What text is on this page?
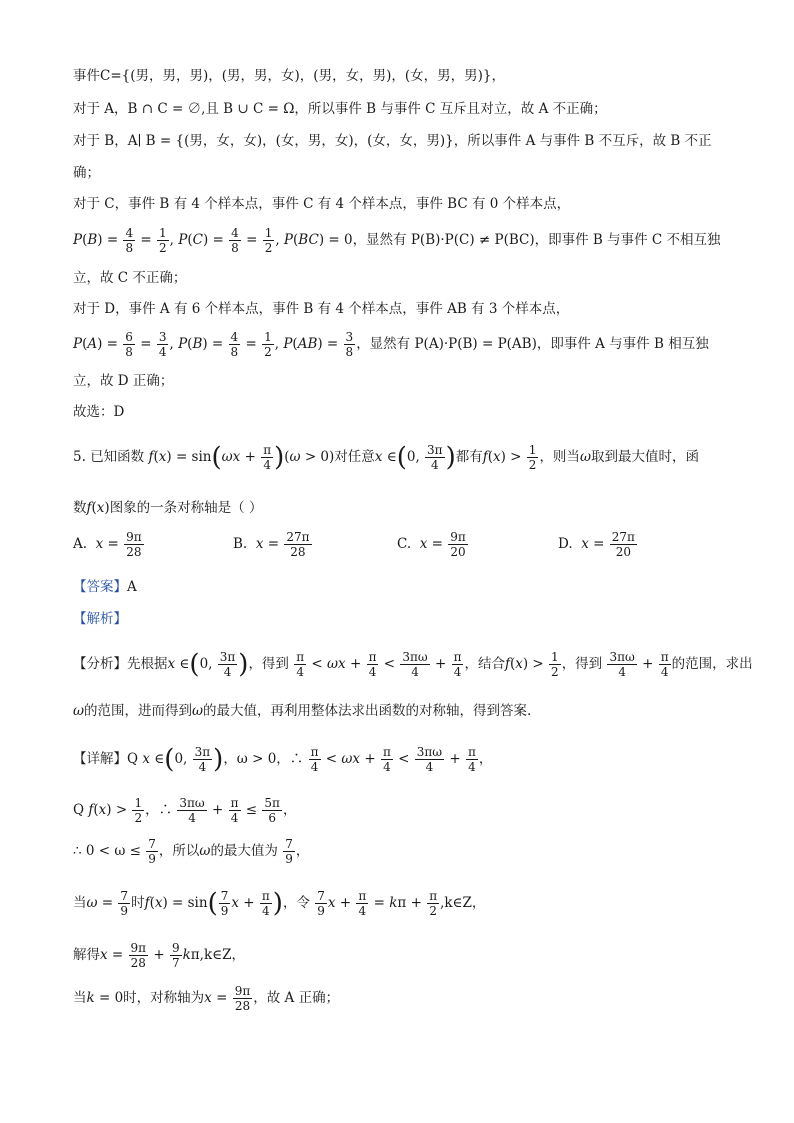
事件C={(男，男，男)，(男，男，女)，(男，女，男)，(女，男，男)}，
对于 A，B ∩ C = ∅,且 B ∪ C = Ω，所以事件 B 与事件 C 互斥且对立，故 A 不正确；
对于 B，A∣ B = {(男，女，女)，(女，男，女)，(女，女，男)}，所以事件 A 与事件 B 不互斥，故 B 不正
确；
对于 C，事件 B 有 4 个样本点，事件 C 有 4 个样本点，事件 BC 有 0 个样本点，
$P(B) = \frac{4}{8} = \frac{1}{2}$ , $P(C) = \frac{4}{8} = \frac{1}{2}$ , P(BC) = 0，显然有 P(B)·P(C) ≠ P(BC)，即事件 B 与事件 C 不相互独
立，故 C 不正确；
对于 D，事件 A 有 6 个样本点，事件 B 有 4 个样本点，事件 AB 有 3 个样本点，
$P(A) = \frac{6}{8} = \frac{3}{4}$ , $P(B) = \frac{4}{8} = \frac{1}{2}$ , $P(AB) = \frac{3}{8}$ ，显然有 P(A)·P(B) = P(AB)，即事件 A 与事件 B 相互独
立，故 D 正确；
故选：D
5. 已知函数 $f(x) = \sin(\omega x + \frac{\pi}{4} )(\omega > 0)$对任意x ∈(0, $\frac{3\pi}{4}$ )都有$f(x) > \frac{1}{2}$ ，则当ω取到最大值时，函
数f(x)图象的一条对称轴是（ ）
A. $x = \frac{9\pi}{28}$	B. $x = \frac{27\pi}{28}$	C. $x = \frac{9\pi}{20}$	D. $x = \frac{27\pi}{20}$
【答案】A
【解析】
【分析】先根据x ∈(0, $\frac{3\pi}{4}$ )，得到 $\frac{\pi}{4} < \omega x + \frac{\pi}{4} < \frac{3\pi\omega}{4} + \frac{\pi}{4}$ ，结合$f(x) > \frac{1}{2}$ ，得到 $\frac{3\pi\omega}{4} + \frac{\pi}{4}$ 的范围，求出
ω的范围，进而得到ω的最大值，再利用整体法求出函数的对称轴，得到答案.
【详解】Q x ∈(0, $\frac{3\pi}{4}$ )，ω > 0，∴ $\frac{\pi}{4} < \omega x + \frac{\pi}{4} < \frac{3\pi\omega}{4} + \frac{\pi}{4}$ ，
Q $f(x) > \frac{1}{2}$ ，∴ $\frac{3\pi\omega}{4} + \frac{\pi}{4} \le \frac{5\pi}{6}$ ，
∴ $0 < \omega \le \frac{7}{9}$ ，所以ω的最大值为 $\frac{7}{9}$ ，
当$\omega = \frac{7}{9}$ 时$f(x) = \sin( \frac{7}{9}$ $x + \frac{\pi}{4}$ )，令 $\frac{7}{9}$ $x + \frac{\pi}{4} = k\pi + \frac{\pi}{2}$ ,k∈Z，
解得$x = \frac{9\pi}{28} + \frac{9}{7}$ kπ,k∈Z，
当k = 0时，对称轴为$x = \frac{9\pi}{28}$ ，故 A 正确；
